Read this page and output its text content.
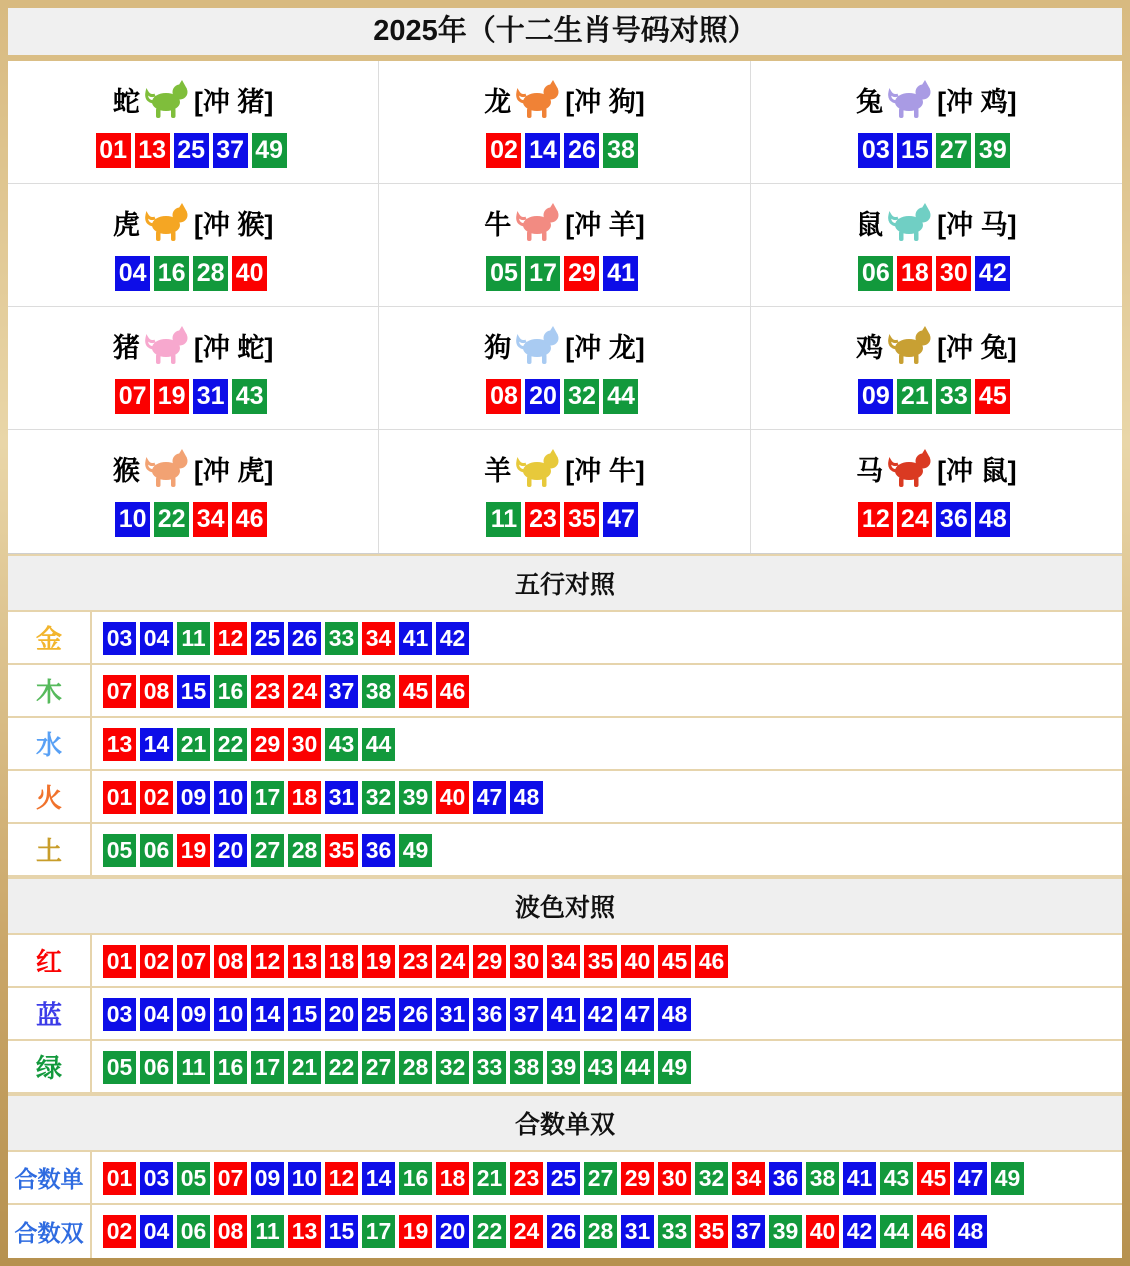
2025年（十二生肖号码对照）
蛇 [冲 猪]
01 13 25 37 49
龙 [冲 狗]
02 14 26 38
兔 [冲 鸡]
03 15 27 39
虎 [冲 猴]
04 16 28 40
牛 [冲 羊]
05 17 29 41
鼠 [冲 马]
06 18 30 42
猪 [冲 蛇]
07 19 31 43
狗 [冲 龙]
08 20 32 44
鸡 [冲 兔]
09 21 33 45
猴 [冲 虎]
10 22 34 46
羊 [冲 牛]
11 23 35 47
马 [冲 鼠]
12 24 36 48
五行对照
金	03 04 11 12 25 26 33 34 41 42
木	07 08 15 16 23 24 37 38 45 46
水	13 14 21 22 29 30 43 44
火	01 02 09 10 17 18 31 32 39 40 47 48
土	05 06 19 20 27 28 35 36 49
波色对照
红	01 02 07 08 12 13 18 19 23 24 29 30 34 35 40 45 46
蓝	03 04 09 10 14 15 20 25 26 31 36 37 41 42 47 48
绿	05 06 11 16 17 21 22 27 28 32 33 38 39 43 44 49
合数单双
合数单	01 03 05 07 09 10 12 14 16 18 21 23 25 27 29 30 32 34 36 38 41 43 45 47 49
合数双	02 04 06 08 11 13 15 17 19 20 22 24 26 28 31 33 35 37 39 40 42 44 46 48
